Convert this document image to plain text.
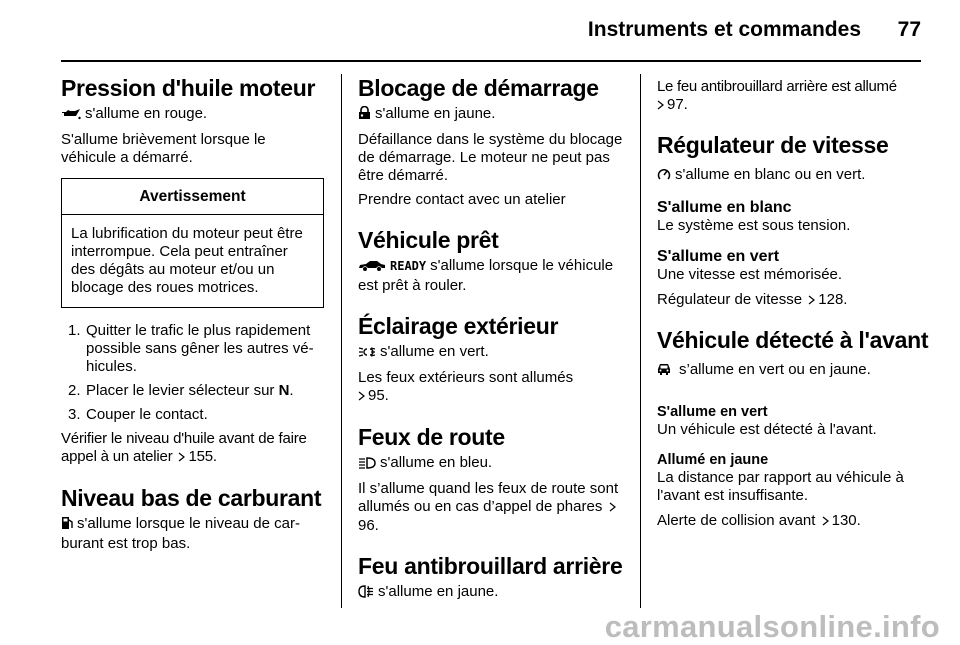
Instruments et commandes 77
Pression d'huile moteur

s'allume en rouge.

S'allume brièvement lorsque le véhicule a démarré.

Avertissement
La lubrification du moteur peut être interrompue. Cela peut entraîner des dégâts au moteur et/ou un blocage des roues motrices.
1. Quitter le trafic le plus rapidement possible sans gêner les autres véhicules.
2. Placer le levier sélecteur sur N.
3. Couper le contact.

Vérifier le niveau d'huile avant de faire appel à un atelier 155.

Niveau bas de carburant

s'allume lorsque le niveau de carburant est trop bas.

Blocage de démarrage

s'allume en jaune.

Défaillance dans le système du blocage de démarrage. Le moteur ne peut pas être démarré.

Prendre contact avec un atelier

Véhicule prêt

READY s'allume lorsque le véhicule est prêt à rouler.

Éclairage extérieur

s'allume en vert.

Les feux extérieurs sont allumés
95.

Feux de route

s'allume en bleu.

Il s’allume quand les feux de route sont allumés ou en cas d’appel de phares 96.

Feu antibrouillard arrière

s'allume en jaune.

Le feu antibrouillard arrière est allumé

97.

Régulateur de vitesse

s'allume en blanc ou en vert.

S'allume en blanc

Le système est sous tension.

S'allume en vert

Une vitesse est mémorisée.

Régulateur de vitesse 128.

Véhicule détecté à l'avant

s’allume en vert ou en jaune.

S'allume en vert

Un véhicule est détecté à l'avant.

Allumé en jaune

La distance par rapport au véhicule à l'avant est insuffisante.

Alerte de collision avant 130.

carmanualsonline.info
